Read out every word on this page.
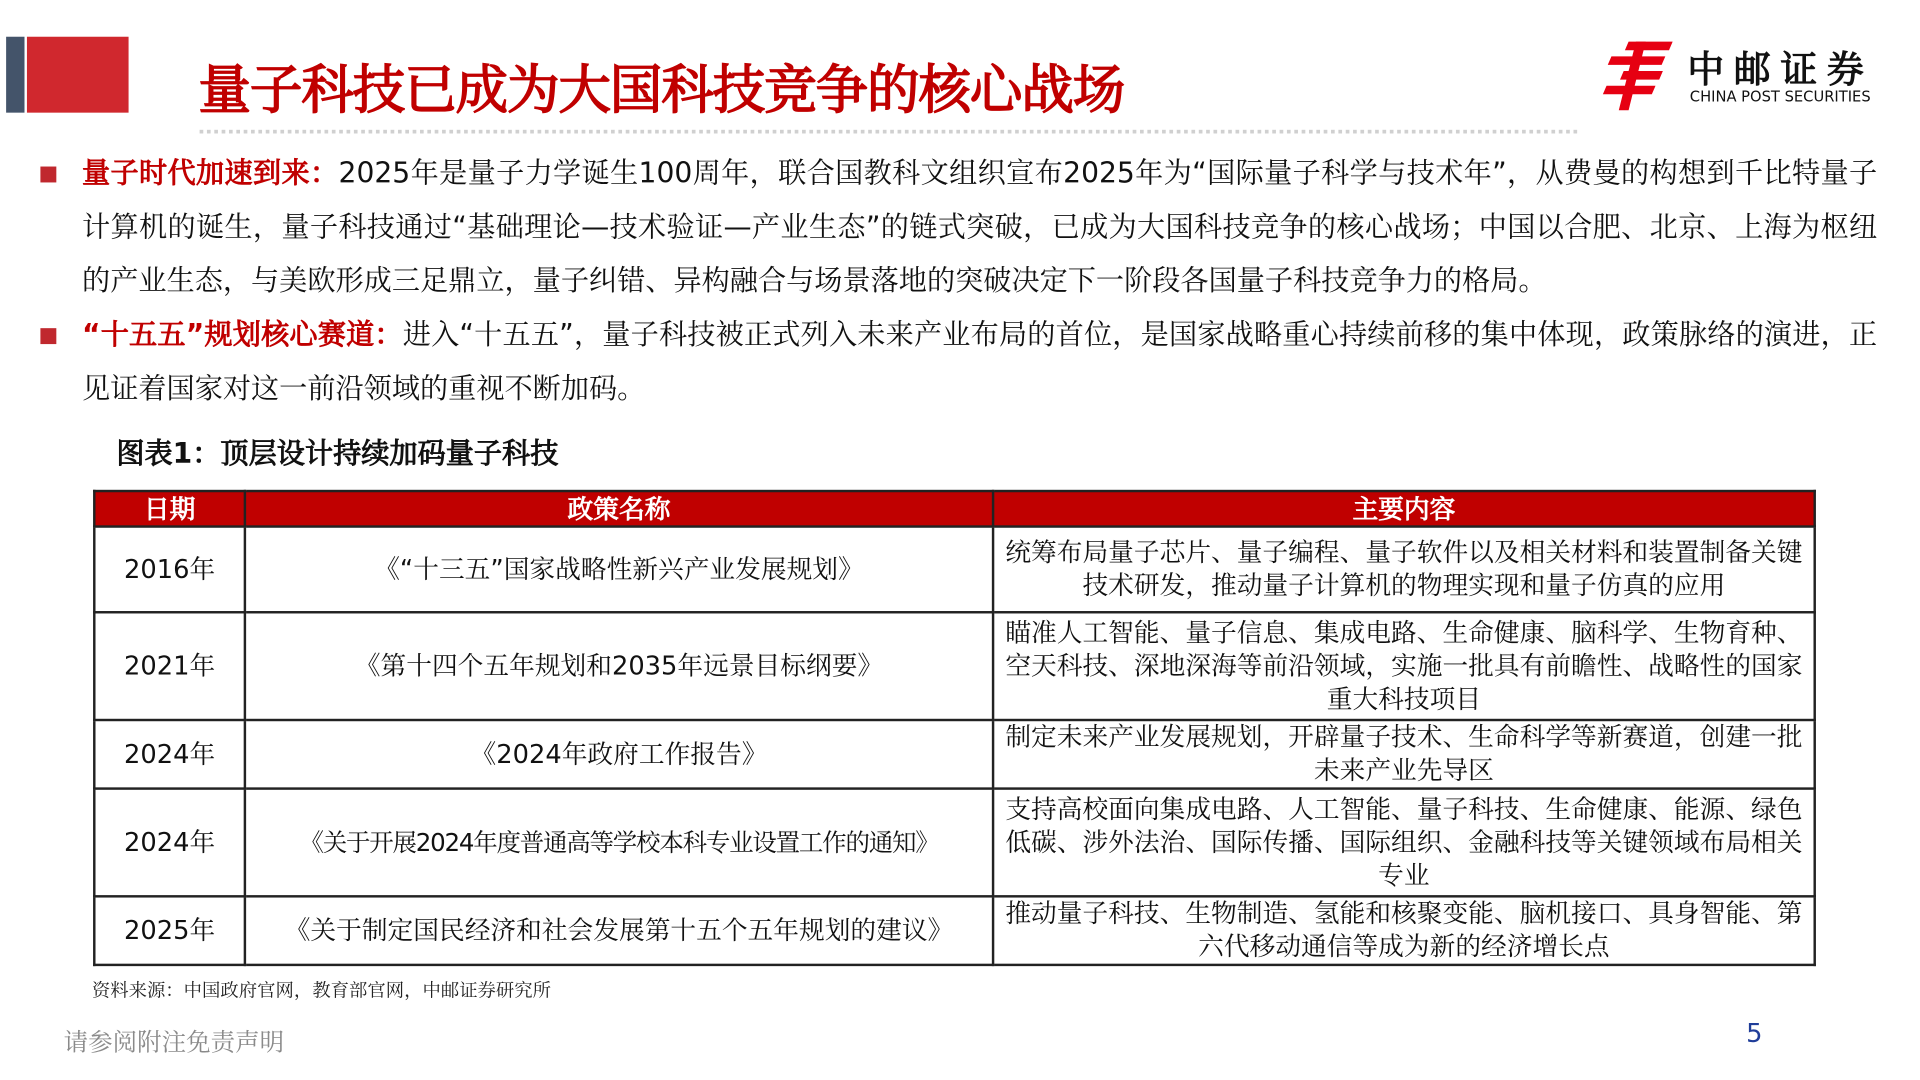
量子科技已成为大国科技竞争的核心战场	中邮证券
CHINA POST SECURITIES
量子时代加速到来：2025年是量子力学诞生100周年，联合国教科文组织宣布2025年为“国际量子科学与技术年”，从费曼的构想到千比特量子计算机的诞生，量子科技通过“基础理论—技术验证—产业生态”的链式突破，已成为大国科技竞争的核心战场；中国以合肥、北京、上海为枢纽的产业生态，与美欧形成三足鼎立，量子纠错、异构融合与场景落地的突破决定下一阶段各国量子科技竞争力的格局。
“十五五”规划核心赛道：进入“十五五”，量子科技被正式列入未来产业布局的首位，是国家战略重心持续前移的集中体现，政策脉络的演进，正见证着国家对这一前沿领域的重视不断加码。
图表1：顶层设计持续加码量子科技
日期	政策名称	主要内容
2016年	《“十三五”国家战略性新兴产业发展规划》	统筹布局量子芯片、量子编程、量子软件以及相关材料和装置制备关键技术研发，推动量子计算机的物理实现和量子仿真的应用
2021年	《第十四个五年规划和2035年远景目标纲要》	瞄准人工智能、量子信息、集成电路、生命健康、脑科学、生物育种、空天科技、深地深海等前沿领域，实施一批具有前瞻性、战略性的国家重大科技项目
2024年	《2024年政府工作报告》	制定未来产业发展规划，开辟量子技术、生命科学等新赛道，创建一批未来产业先导区
2024年	《关于开展2024年度普通高等学校本科专业设置工作的通知》	支持高校面向集成电路、人工智能、量子科技、生命健康、能源、绿色低碳、涉外法治、国际传播、国际组织、金融科技等关键领域布局相关专业
2025年	《关于制定国民经济和社会发展第十五个五年规划的建议》	推动量子科技、生物制造、氢能和核聚变能、脑机接口、具身智能、第六代移动通信等成为新的经济增长点
资料来源：中国政府官网，教育部官网，中邮证券研究所
请参阅附注免责声明	5
